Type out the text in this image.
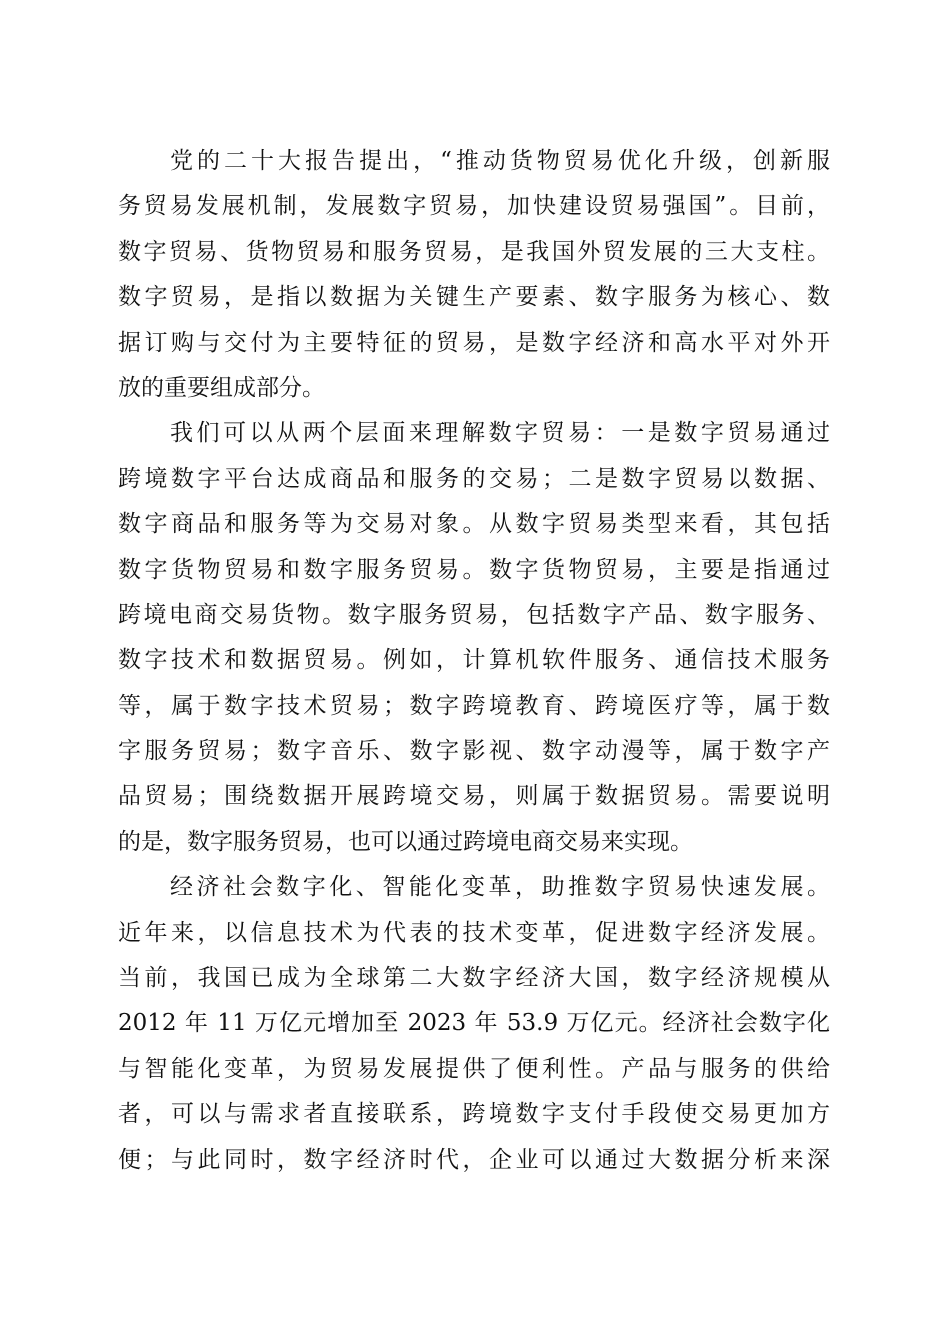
党的二十大报告提出，“推动货物贸易优化升级，创新服
务贸易发展机制，发展数字贸易，加快建设贸易强国”。目前，
数字贸易、货物贸易和服务贸易，是我国外贸发展的三大支柱。
数字贸易，是指以数据为关键生产要素、数字服务为核心、数
据订购与交付为主要特征的贸易，是数字经济和高水平对外开
放的重要组成部分。
我们可以从两个层面来理解数字贸易：一是数字贸易通过
跨境数字平台达成商品和服务的交易；二是数字贸易以数据、
数字商品和服务等为交易对象。从数字贸易类型来看，其包括
数字货物贸易和数字服务贸易。数字货物贸易，主要是指通过
跨境电商交易货物。数字服务贸易，包括数字产品、数字服务、
数字技术和数据贸易。例如，计算机软件服务、通信技术服务
等，属于数字技术贸易；数字跨境教育、跨境医疗等，属于数
字服务贸易；数字音乐、数字影视、数字动漫等，属于数字产
品贸易；围绕数据开展跨境交易，则属于数据贸易。需要说明
的是，数字服务贸易，也可以通过跨境电商交易来实现。
经济社会数字化、智能化变革，助推数字贸易快速发展。
近年来，以信息技术为代表的技术变革，促进数字经济发展。
当前，我国已成为全球第二大数字经济大国，数字经济规模从
2012 年 11 万亿元增加至 2023 年 53.9 万亿元。经济社会数字化
与智能化变革，为贸易发展提供了便利性。产品与服务的供给
者，可以与需求者直接联系，跨境数字支付手段使交易更加方
便；与此同时，数字经济时代，企业可以通过大数据分析来深
